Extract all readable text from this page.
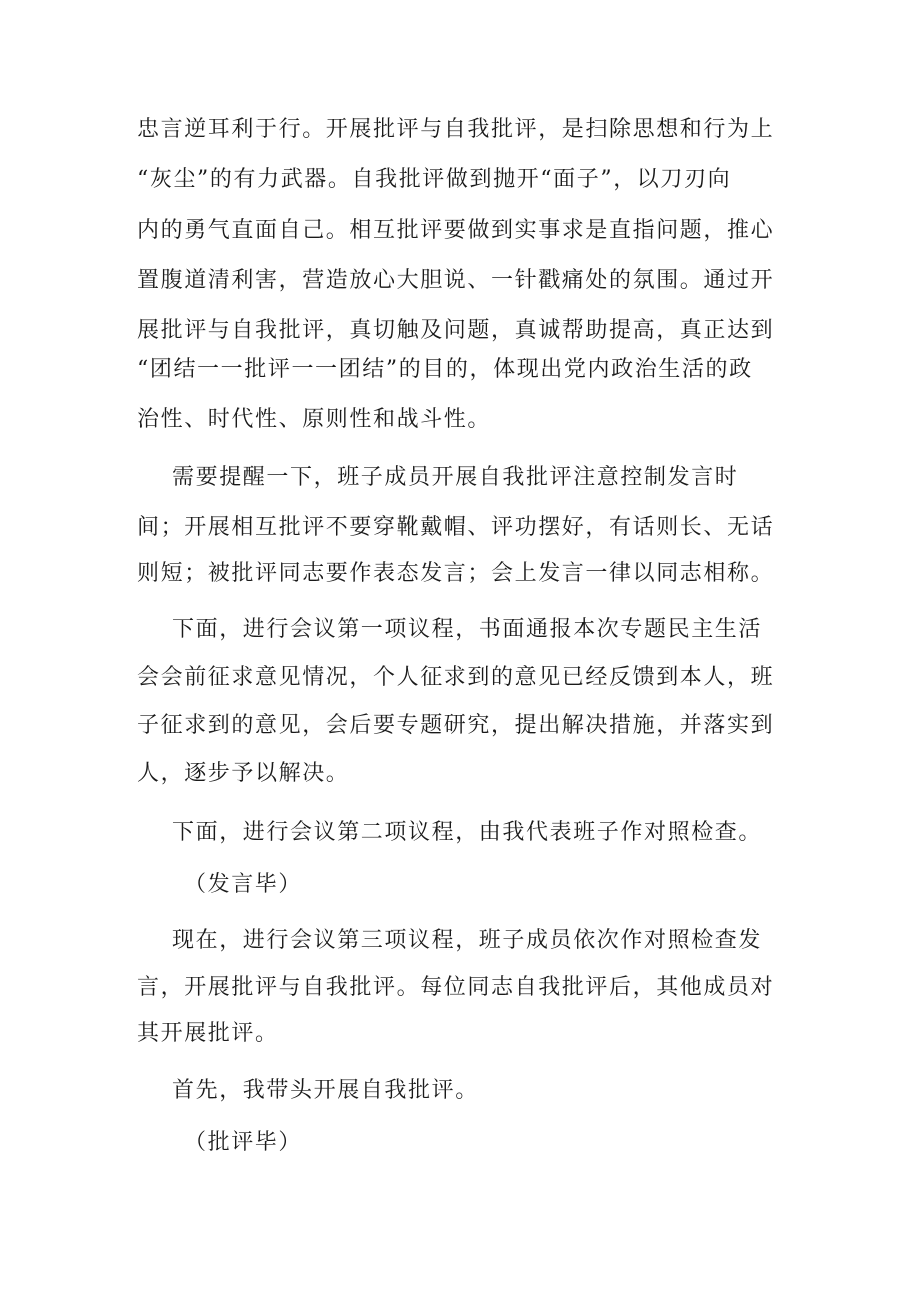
忠言逆耳利于行。开展批评与自我批评，是扫除思想和行为上
“灰尘”的有力武器。自我批评做到抛开“面子”，以刀刃向
内的勇气直面自己。相互批评要做到实事求是直指问题，推心
置腹道清利害，营造放心大胆说、一针戳痛处的氛围。通过开
展批评与自我批评，真切触及问题，真诚帮助提高，真正达到
“团结一一批评一一团结”的目的，体现出党内政治生活的政
治性、时代性、原则性和战斗性。
需要提醒一下，班子成员开展自我批评注意控制发言时
间；开展相互批评不要穿靴戴帽、评功摆好，有话则长、无话
则短；被批评同志要作表态发言；会上发言一律以同志相称。
下面，进行会议第一项议程，书面通报本次专题民主生活
会会前征求意见情况，个人征求到的意见已经反馈到本人，班
子征求到的意见，会后要专题研究，提出解决措施，并落实到
人，逐步予以解决。
下面，进行会议第二项议程，由我代表班子作对照检查。
（发言毕）
现在，进行会议第三项议程，班子成员依次作对照检查发
言，开展批评与自我批评。每位同志自我批评后，其他成员对
其开展批评。
首先，我带头开展自我批评。
（批评毕）
